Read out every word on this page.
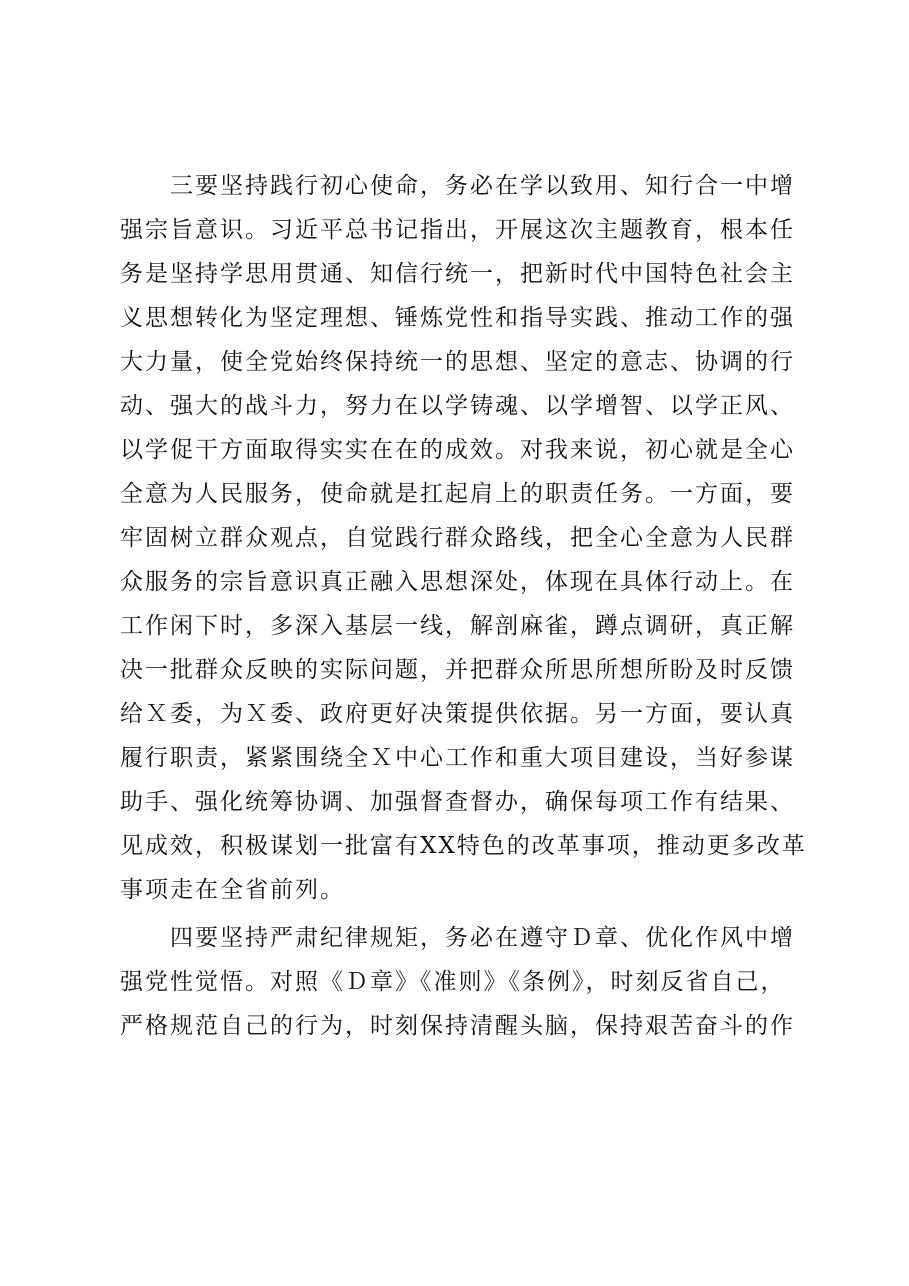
　　三要坚持践行初心使命，务必在学以致用、知行合一中增
强宗旨意识。习近平总书记指出，开展这次主题教育，根本任
务是坚持学思用贯通、知信行统一，把新时代中国特色社会主
义思想转化为坚定理想、锤炼党性和指导实践、推动工作的强
大力量，使全党始终保持统一的思想、坚定的意志、协调的行
动、强大的战斗力，努力在以学铸魂、以学增智、以学正风、
以学促干方面取得实实在在的成效。对我来说，初心就是全心
全意为人民服务，使命就是扛起肩上的职责任务。一方面，要
牢固树立群众观点，自觉践行群众路线，把全心全意为人民群
众服务的宗旨意识真正融入思想深处，体现在具体行动上。在
工作闲下时，多深入基层一线，解剖麻雀，蹲点调研，真正解
决一批群众反映的实际问题，并把群众所思所想所盼及时反馈
给Ｘ委，为Ｘ委、政府更好决策提供依据。另一方面，要认真
履行职责，紧紧围绕全Ｘ中心工作和重大项目建设，当好参谋
助手、强化统筹协调、加强督查督办，确保每项工作有结果、
见成效，积极谋划一批富有XX特色的改革事项，推动更多改革
事项走在全省前列。
　　四要坚持严肃纪律规矩，务必在遵守Ｄ章、优化作风中增
强党性觉悟。对照《Ｄ章》《准则》《条例》，时刻反省自己，
严格规范自己的行为，时刻保持清醒头脑，保持艰苦奋斗的作
